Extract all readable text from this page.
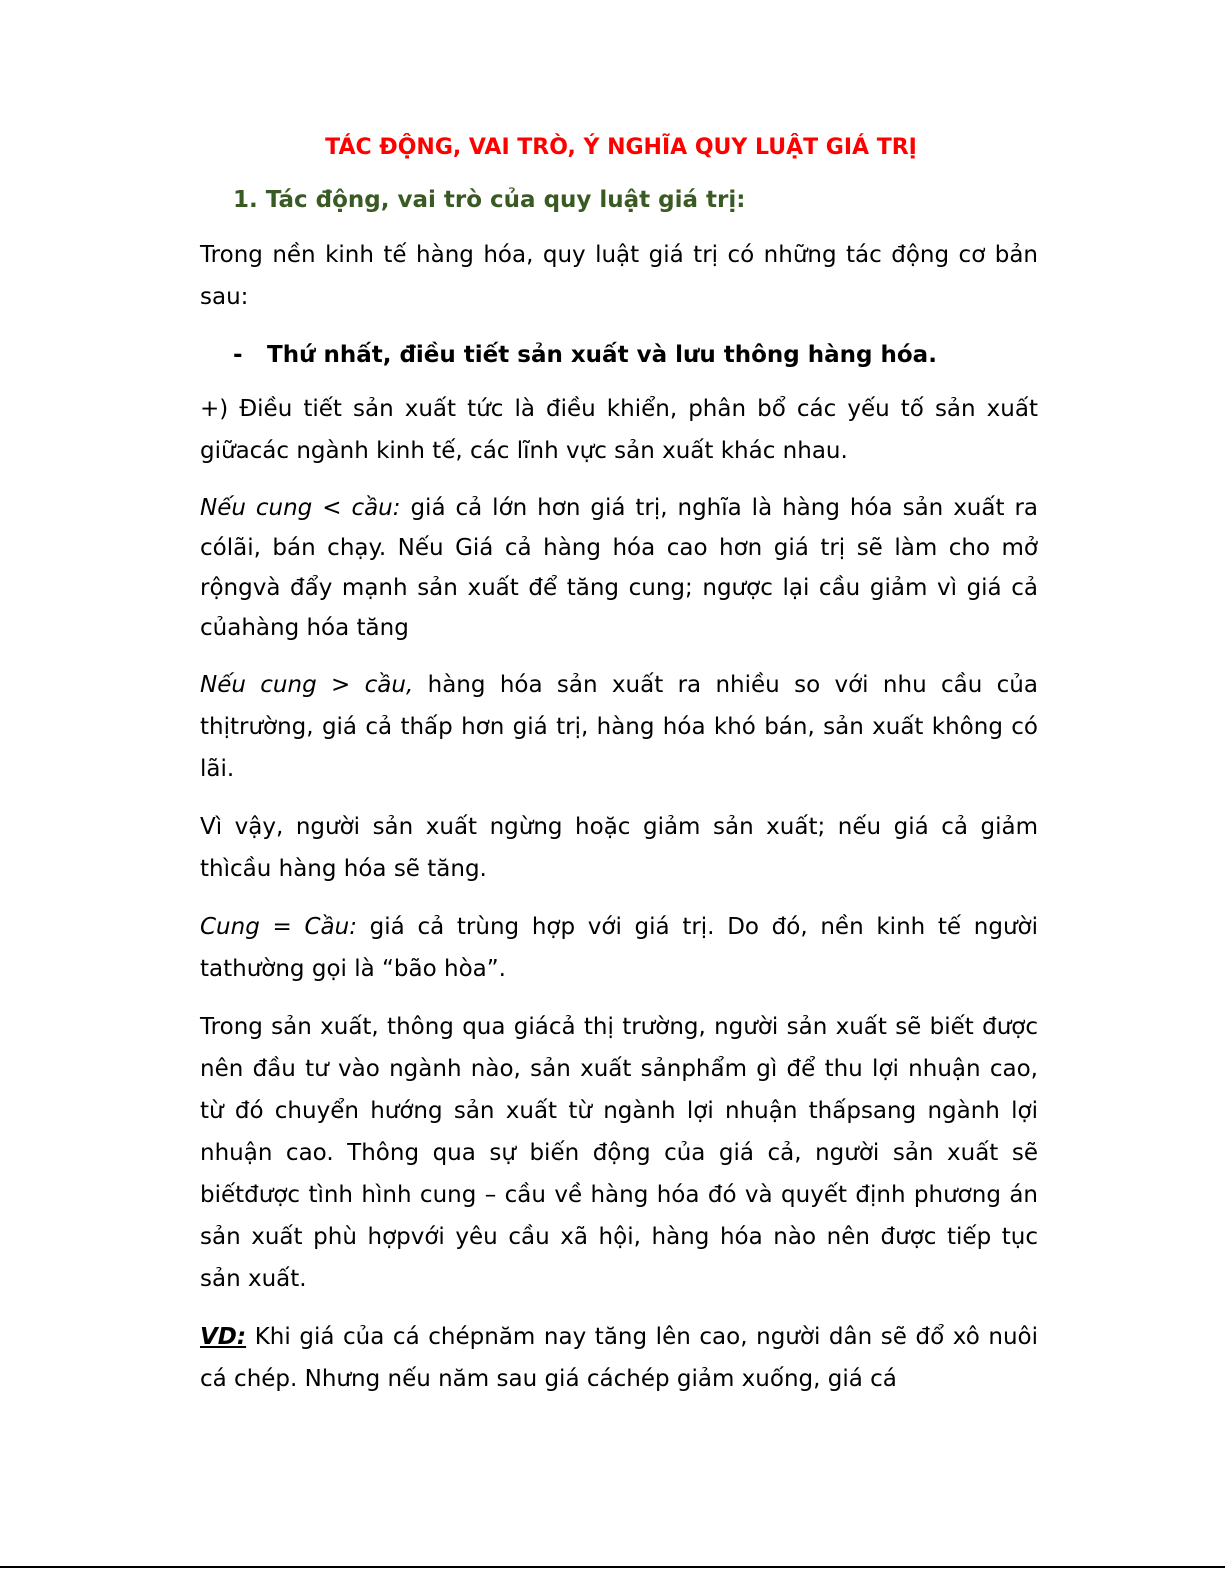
TÁC ĐỘNG, VAI TRÒ, Ý NGHĨA QUY LUẬT GIÁ TRỊ
1. Tác động, vai trò của quy luật giá trị:

Trong nền kinh tế hàng hóa, quy luật giá trị có những tác động cơ bản sau:

-	Thứ nhất, điều tiết sản xuất và lưu thông hàng hóa.

+) Điều tiết sản xuất tức là điều khiển, phân bổ các yếu tố sản xuất giữacác ngành kinh tế, các lĩnh vực sản xuất khác nhau.

Nếu cung < cầu: giá cả lớn hơn giá trị, nghĩa là hàng hóa sản xuất ra cólãi, bán chạy. Nếu Giá cả hàng hóa cao hơn giá trị sẽ làm cho mở rộngvà đẩy mạnh sản xuất để tăng cung; ngược lại cầu giảm vì giá cả củahàng hóa tăng

Nếu cung > cầu, hàng hóa sản xuất ra nhiều so với nhu cầu của thịtrường, giá cả thấp hơn giá trị, hàng hóa khó bán, sản xuất không có lãi.

Vì vậy, người sản xuất ngừng hoặc giảm sản xuất; nếu giá cả giảm thìcầu hàng hóa sẽ tăng.

Cung = Cầu: giá cả trùng hợp với giá trị. Do đó, nền kinh tế người tathường gọi là “bão hòa”.

Trong sản xuất, thông qua giácả thị trường, người sản xuất sẽ biết được nên đầu tư vào ngành nào, sản xuất sảnphẩm gì để thu lợi nhuận cao, từ đó chuyển hướng sản xuất từ ngành lợi nhuận thấpsang ngành lợi nhuận cao. Thông qua sự biến động của giá cả, người sản xuất sẽ biếtđược tình hình cung – cầu về hàng hóa đó và quyết định phương án sản xuất phù hợpvới yêu cầu xã hội, hàng hóa nào nên được tiếp tục sản xuất.

VD: Khi giá của cá chépnăm nay tăng lên cao, người dân sẽ đổ xô nuôi cá chép. Nhưng nếu năm sau giá cáchép giảm xuống, giá cá
